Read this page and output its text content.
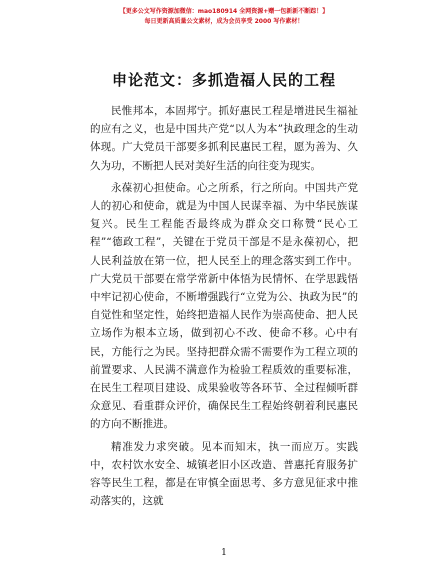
【更多公文写作资源加微信：mao180914 全网资源+赠一包新新不断踪！】
每日更新高质量公文素材，成为会员享受 2000 写作素材！
申论范文：多抓造福人民的工程

民惟邦本，本固邦宁。抓好惠民工程是增进民生福祉的应有之义，也是中国共产党“以人为本”执政理念的生动体现。广大党员干部要多抓利民惠民工程，愿为善为、久久为功，不断把人民对美好生活的向往变为现实。

永葆初心担使命。心之所系，行之所向。中国共产党人的初心和使命，就是为中国人民谋幸福、为中华民族谋复兴。民生工程能否最终成为群众交口称赞“民心工程”“德政工程”，关键在于党员干部是不是永葆初心，把人民利益放在第一位，把人民至上的理念落实到工作中。广大党员干部要在常学常新中体悟为民情怀、在学思践悟中牢记初心使命，不断增强践行“立党为公、执政为民”的自觉性和坚定性，始终把造福人民作为崇高使命、把人民立场作为根本立场，做到初心不改、使命不移。心中有民，方能行之为民。坚持把群众需不需要作为工程立项的前置要求、人民满不满意作为检验工程质效的重要标准，在民生工程项目建设、成果验收等各环节、全过程倾听群众意见、看重群众评价，确保民生工程始终朝着利民惠民的方向不断推进。

精准发力求突破。见本而知末，执一而应万。实践中，农村饮水安全、城镇老旧小区改造、普惠托育服务扩容等民生工程，都是在审慎全面思考、多方意见征求中推动落实的，这就

1
